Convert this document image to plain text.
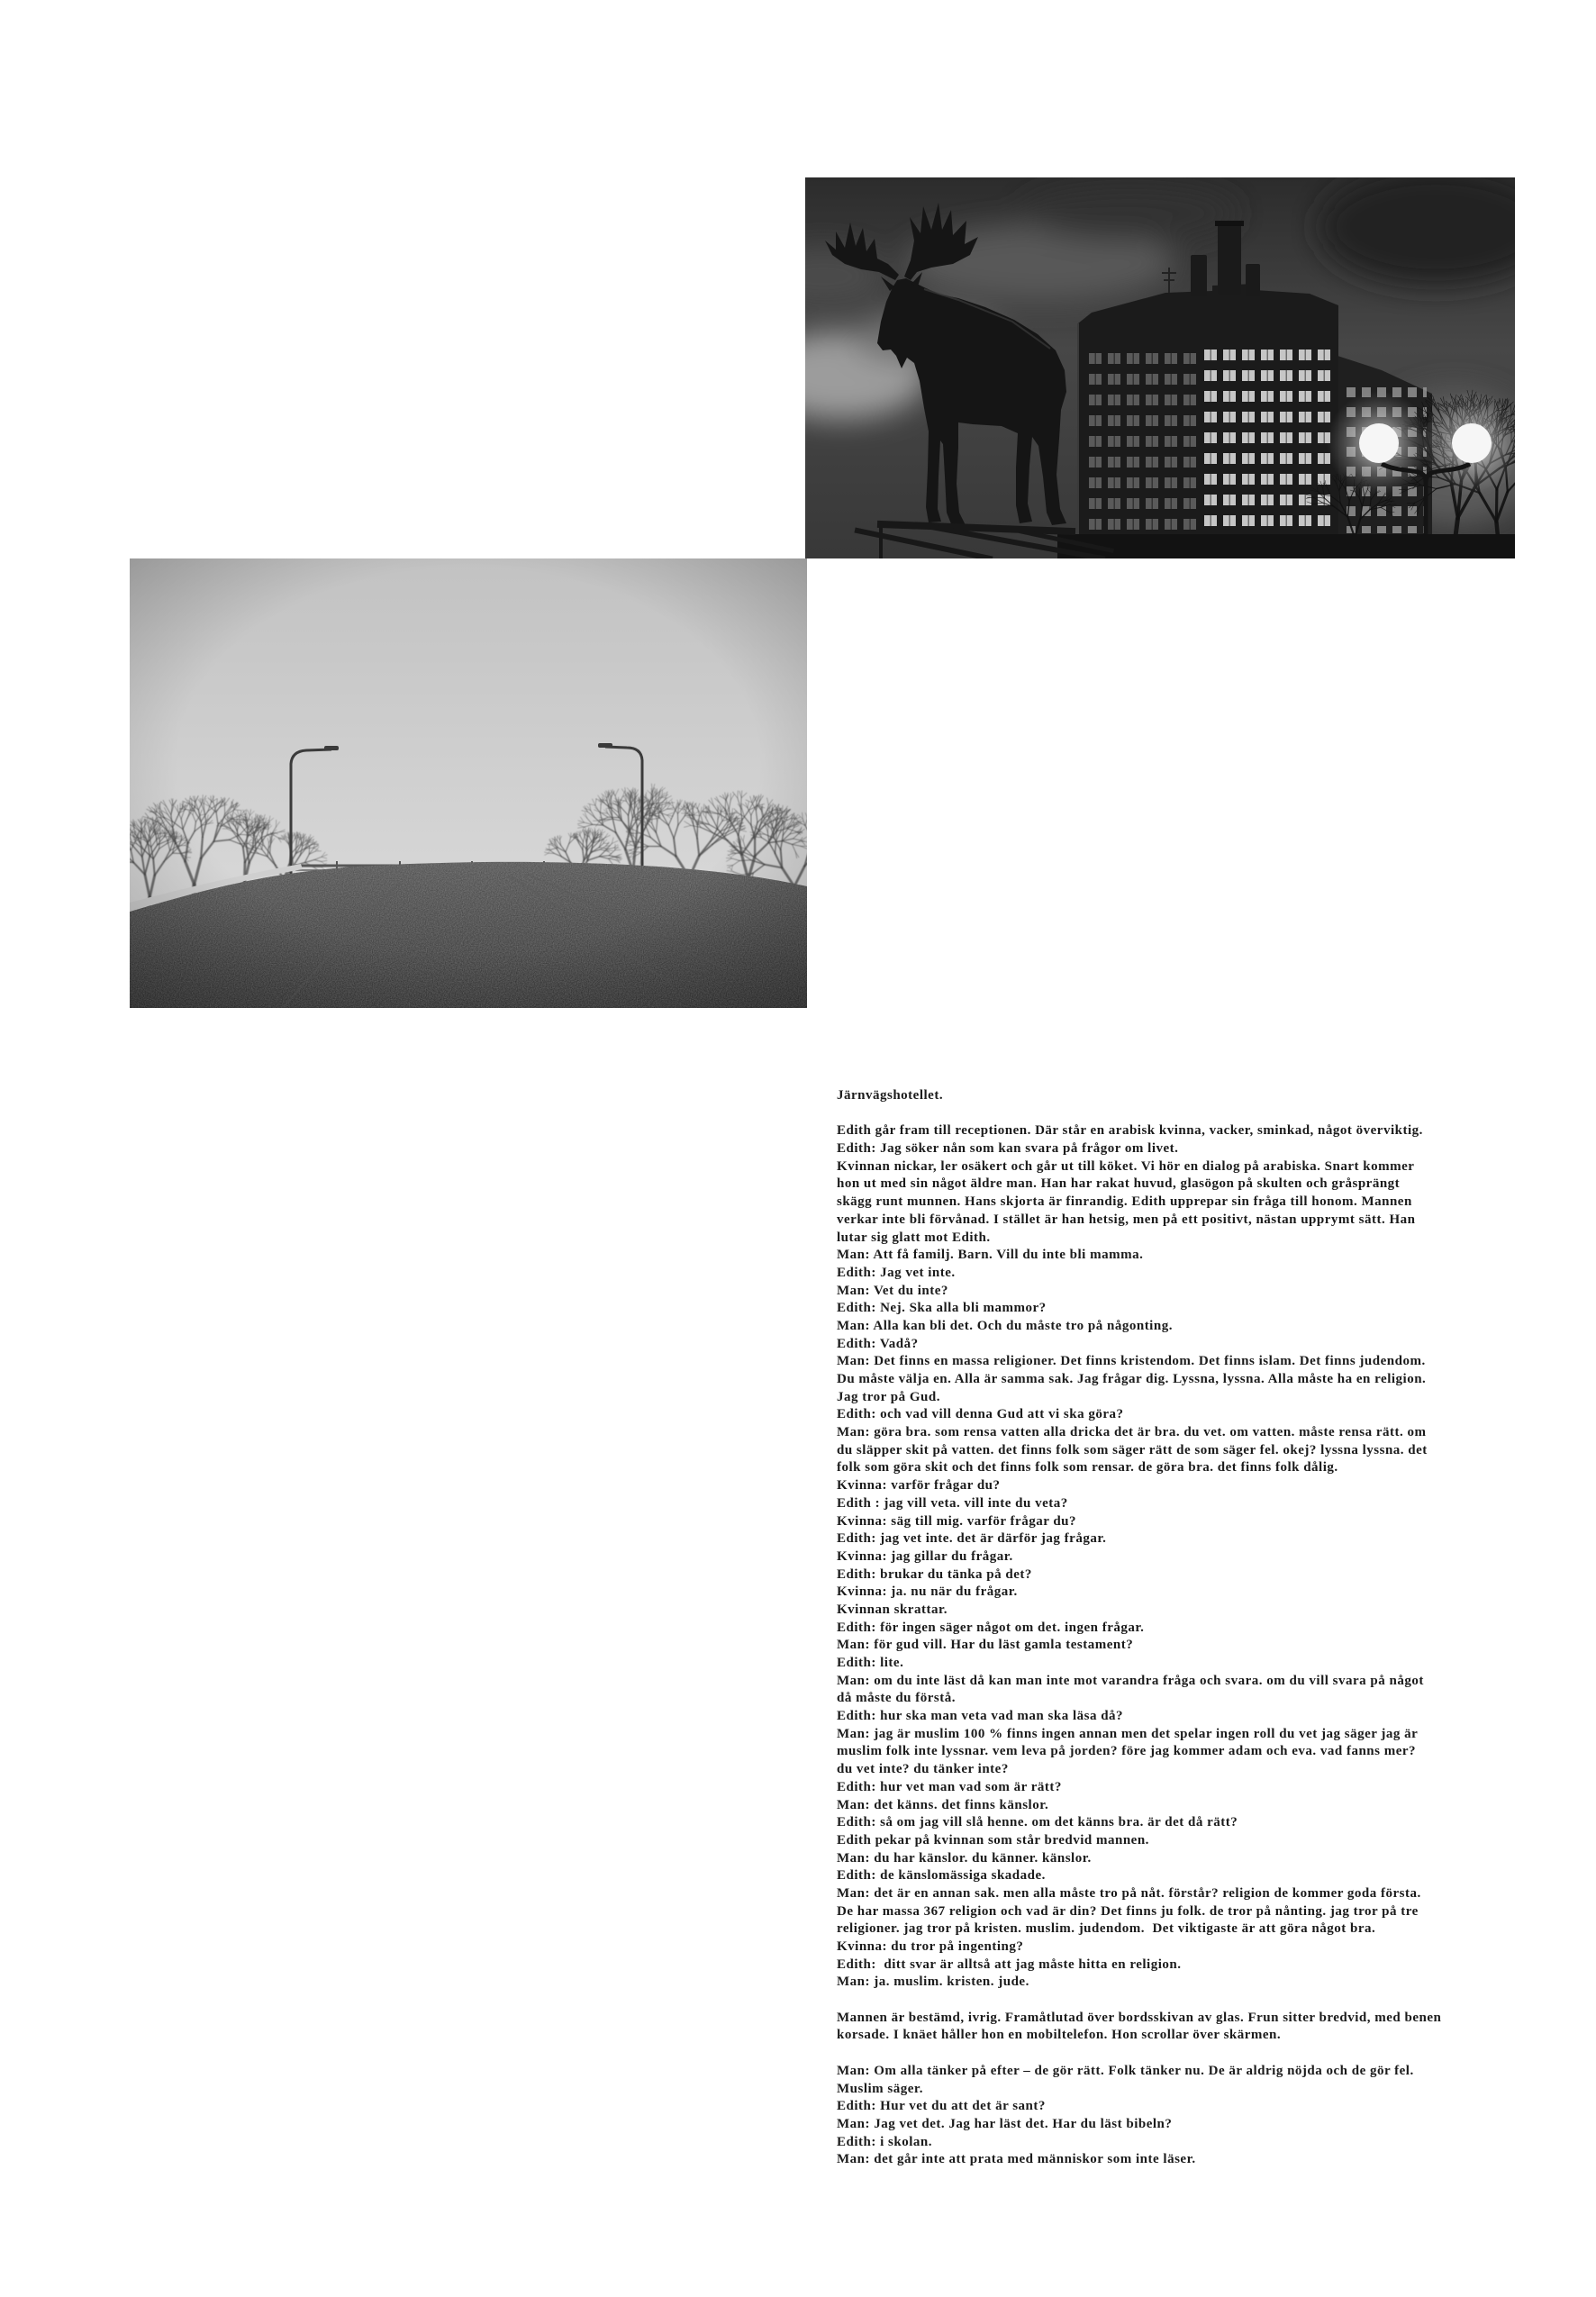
Järnvägshotellet.
Edith går fram till receptionen. Där står en arabisk kvinna, vacker, sminkad, något överviktig.
Edith: Jag söker nån som kan svara på frågor om livet.
Kvinnan nickar, ler osäkert och går ut till köket. Vi hör en dialog på arabiska. Snart kommer
hon ut med sin något äldre man. Han har rakat huvud, glasögon på skulten och gråsprängt
skägg runt munnen. Hans skjorta är finrandig. Edith upprepar sin fråga till honom. Mannen
verkar inte bli förvånad. I stället är han hetsig, men på ett positivt, nästan upprymt sätt. Han
lutar sig glatt mot Edith.
Man: Att få familj. Barn. Vill du inte bli mamma.
Edith: Jag vet inte.
Man: Vet du inte?
Edith: Nej. Ska alla bli mammor?
Man: Alla kan bli det. Och du måste tro på någonting.
Edith: Vadå?
Man: Det finns en massa religioner. Det finns kristendom. Det finns islam. Det finns judendom.
Du måste välja en. Alla är samma sak. Jag frågar dig. Lyssna, lyssna. Alla måste ha en religion.
Jag tror på Gud.
Edith: och vad vill denna Gud att vi ska göra?
Man: göra bra. som rensa vatten alla dricka det är bra. du vet. om vatten. måste rensa rätt. om
du släpper skit på vatten. det finns folk som säger rätt de som säger fel. okej? lyssna lyssna. det
folk som göra skit och det finns folk som rensar. de göra bra. det finns folk dålig.
Kvinna: varför frågar du?
Edith : jag vill veta. vill inte du veta?
Kvinna: säg till mig. varför frågar du?
Edith: jag vet inte. det är därför jag frågar.
Kvinna: jag gillar du frågar.
Edith: brukar du tänka på det?
Kvinna: ja. nu när du frågar.
Kvinnan skrattar.
Edith: för ingen säger något om det. ingen frågar.
Man: för gud vill. Har du läst gamla testament?
Edith: lite.
Man: om du inte läst då kan man inte mot varandra fråga och svara. om du vill svara på något
då måste du förstå.
Edith: hur ska man veta vad man ska läsa då?
Man: jag är muslim 100 % finns ingen annan men det spelar ingen roll du vet jag säger jag är
muslim folk inte lyssnar. vem leva på jorden? före jag kommer adam och eva. vad fanns mer?
du vet inte? du tänker inte?
Edith: hur vet man vad som är rätt?
Man: det känns. det finns känslor.
Edith: så om jag vill slå henne. om det känns bra. är det då rätt?
Edith pekar på kvinnan som står bredvid mannen.
Man: du har känslor. du känner. känslor.
Edith: de känslomässiga skadade.
Man: det är en annan sak. men alla måste tro på nåt. förstår? religion de kommer goda första.
De har massa 367 religion och vad är din? Det finns ju folk. de tror på nånting. jag tror på tre
religioner. jag tror på kristen. muslim. judendom.  Det viktigaste är att göra något bra.
Kvinna: du tror på ingenting?
Edith:  ditt svar är alltså att jag måste hitta en religion.
Man: ja. muslim. kristen. jude.
Mannen är bestämd, ivrig. Framåtlutad över bordsskivan av glas. Frun sitter bredvid, med benen
korsade. I knäet håller hon en mobiltelefon. Hon scrollar över skärmen.
Man: Om alla tänker på efter – de gör rätt. Folk tänker nu. De är aldrig nöjda och de gör fel.
Muslim säger.
Edith: Hur vet du att det är sant?
Man: Jag vet det. Jag har läst det. Har du läst bibeln?
Edith: i skolan.
Man: det går inte att prata med människor som inte läser.
